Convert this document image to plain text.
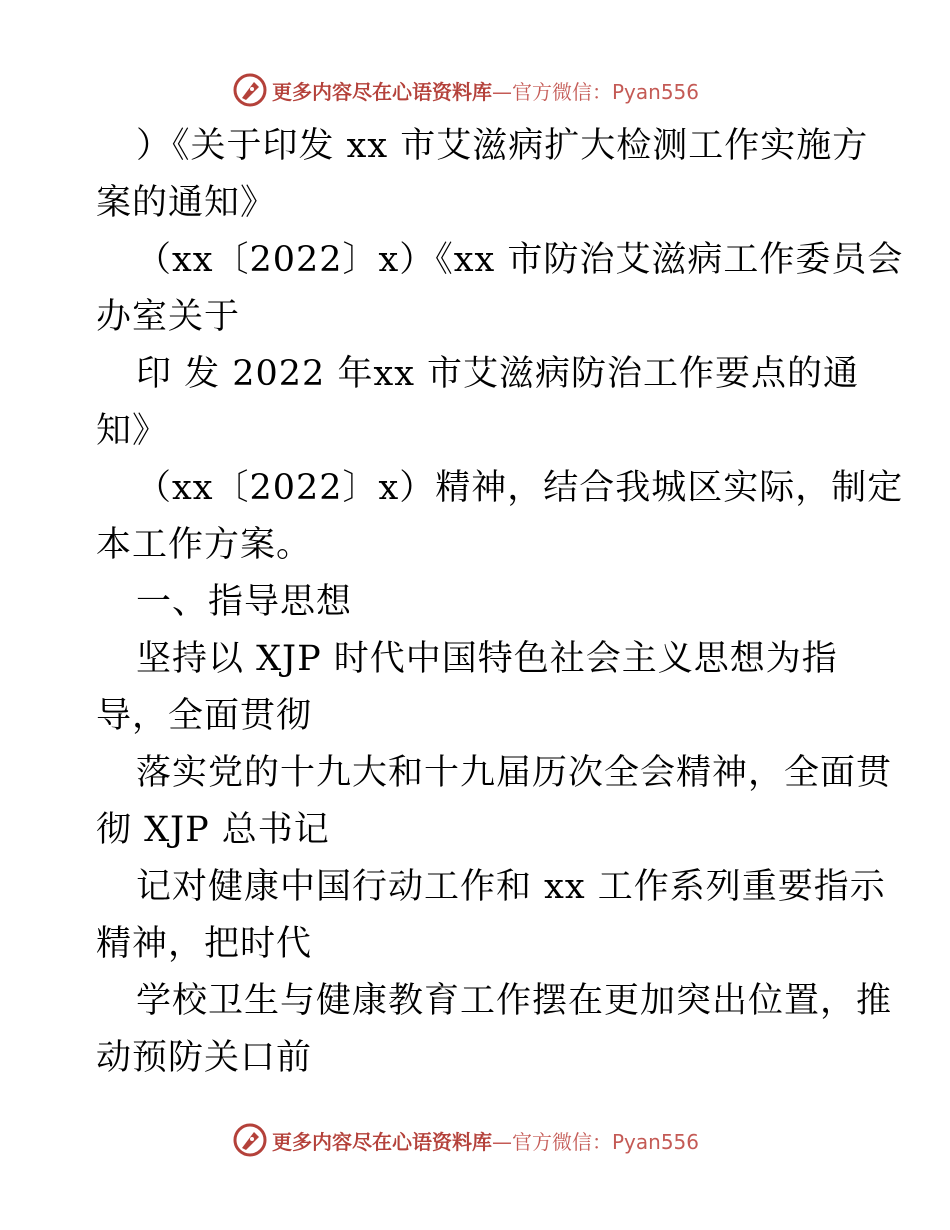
更多内容尽在心语资料库 —官方微信：Pyan556
）《关于印发 xx 市艾滋病扩大检测工作实施方
案的通知》
（xx〔2022〕x）《xx 市防治艾滋病工作委员会
办室关于
印 发 2022 年xx 市艾滋病防治工作要点的通
知》
（xx〔2022〕x）精神，结合我城区实际，制定
本工作方案。
一、指导思想
坚持以 XJP 时代中国特色社会主义思想为指
导，全面贯彻
落实党的十九大和十九届历次全会精神，全面贯
彻 XJP 总书记
记对健康中国行动工作和 xx 工作系列重要指示
精神，把时代
学校卫生与健康教育工作摆在更加突出位置，推
动预防关口前
更多内容尽在心语资料库 —官方微信：Pyan556
